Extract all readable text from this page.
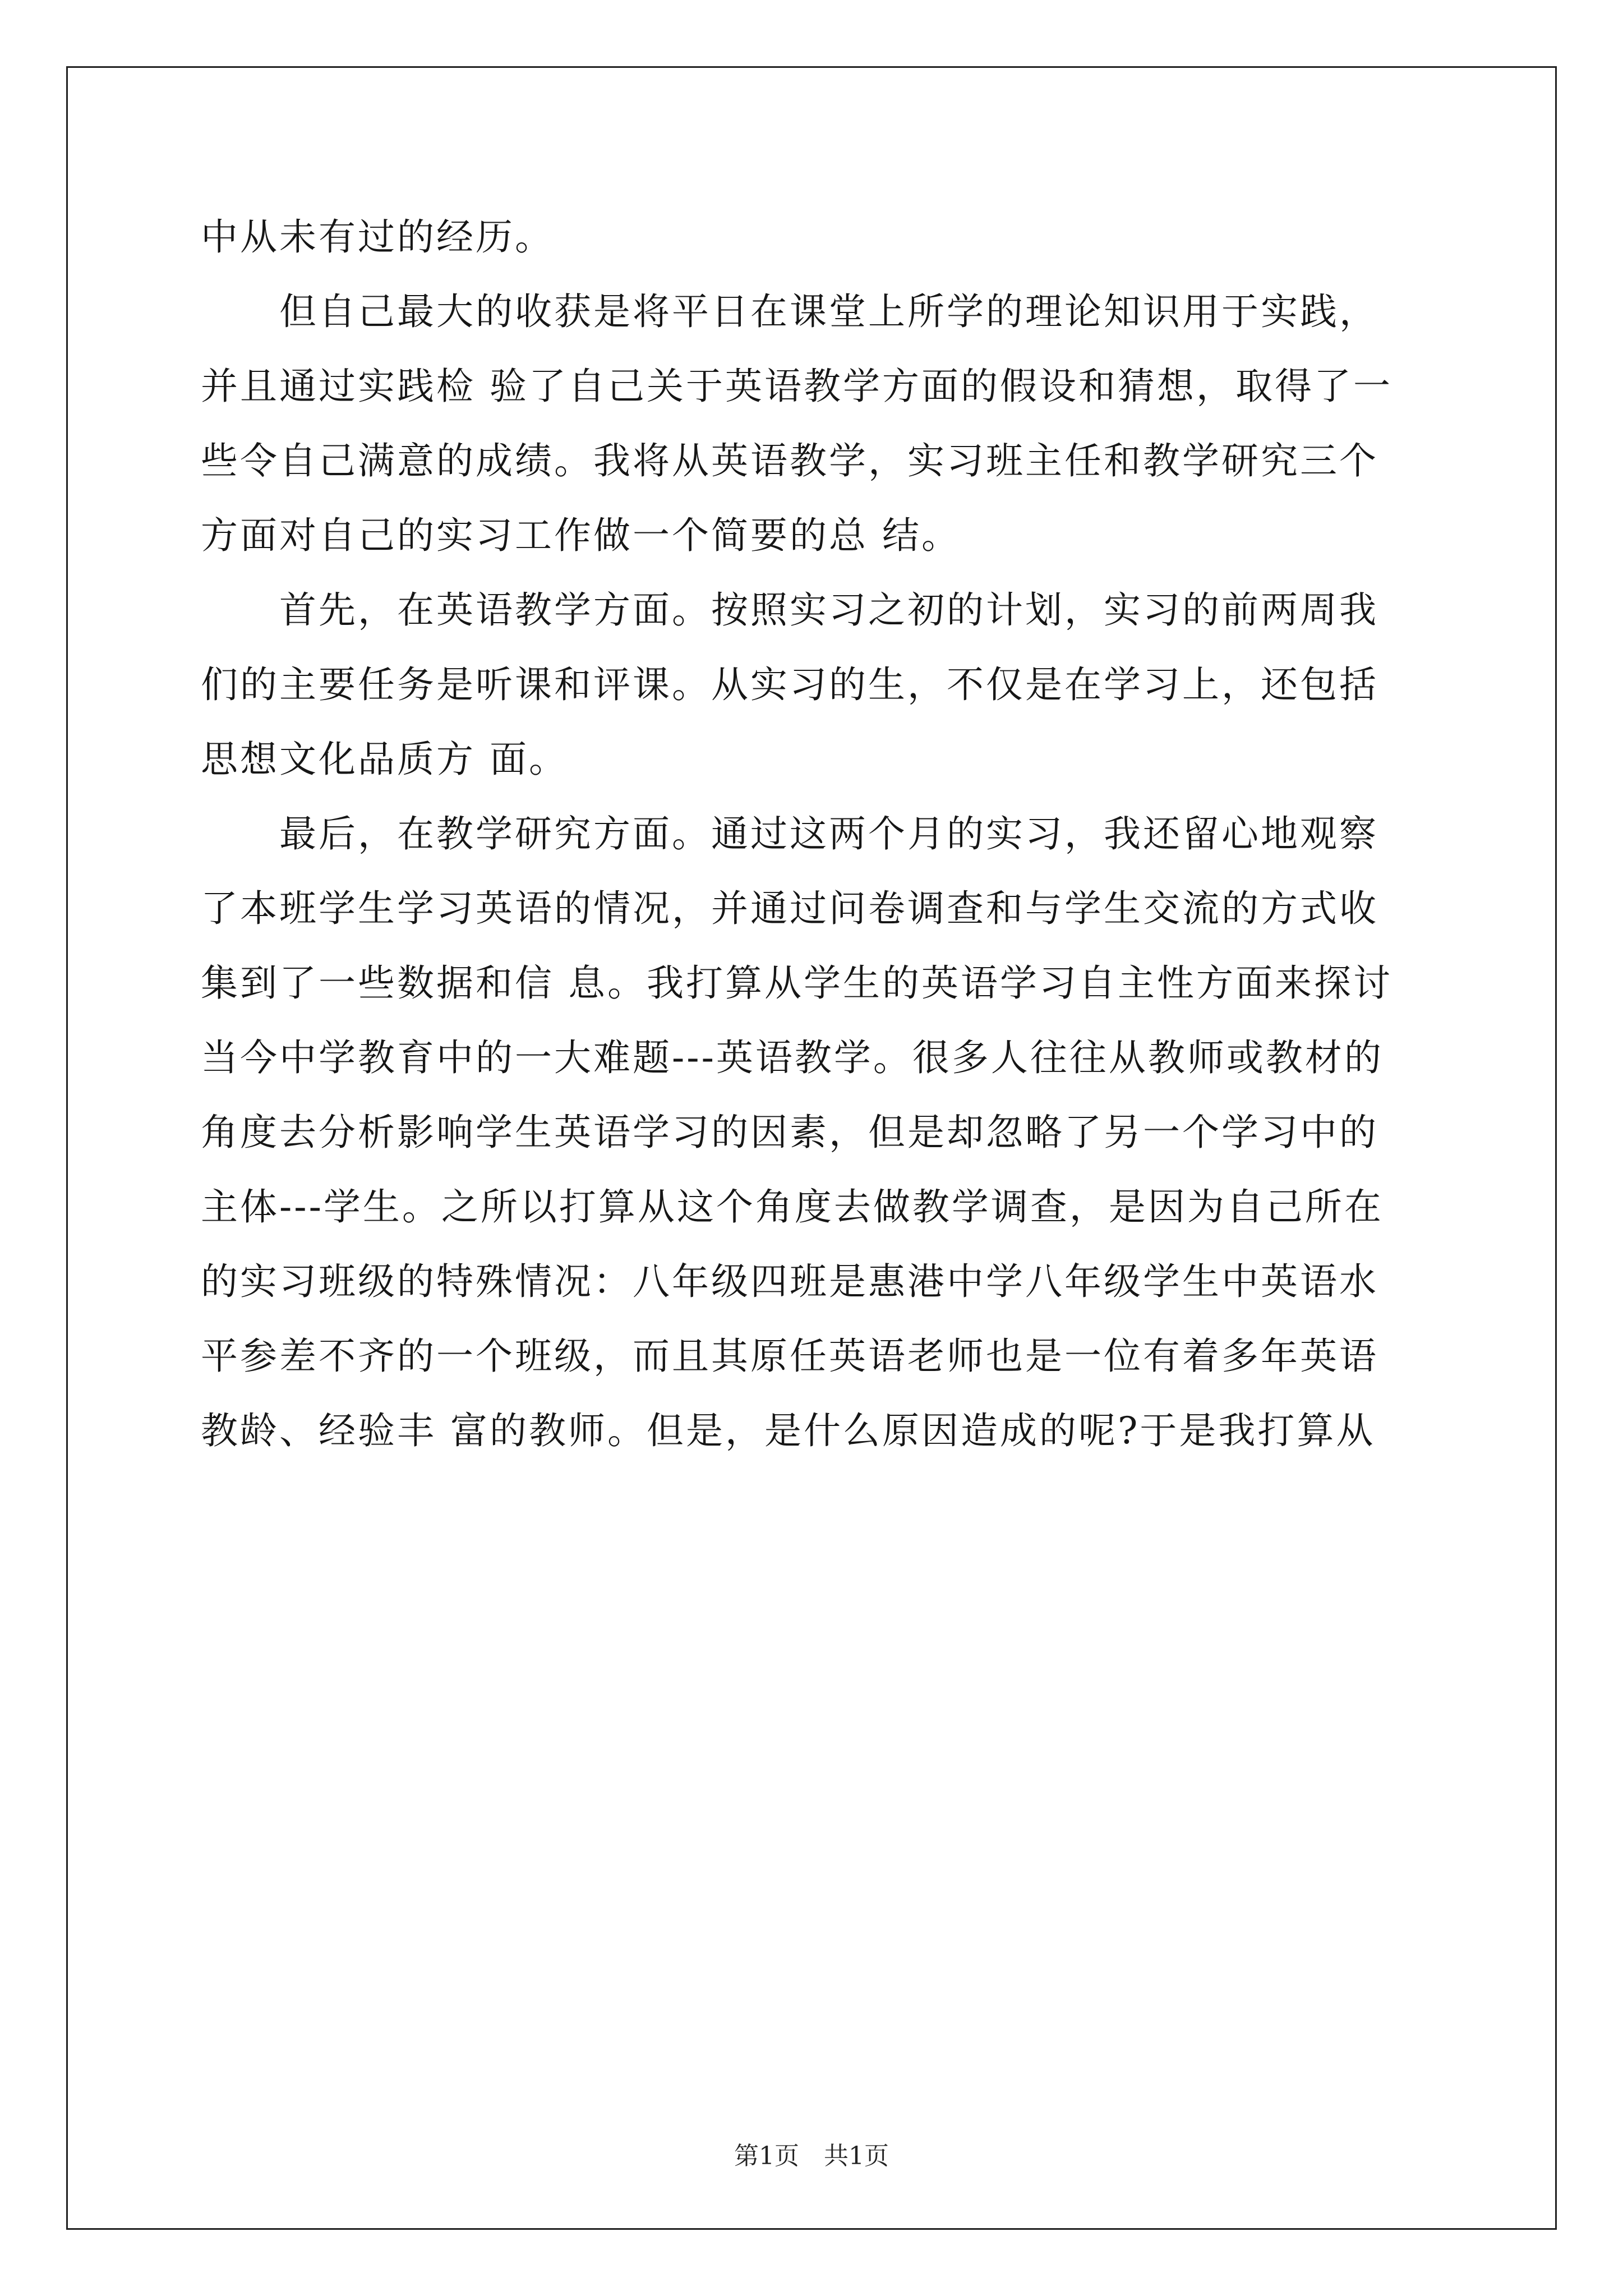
中从未有过的经历。
　　但自己最大的收获是将平日在课堂上所学的理论知识用于实践，
并且通过实践检 验了自己关于英语教学方面的假设和猜想，取得了一
些令自己满意的成绩。我将从英语教学，实习班主任和教学研究三个
方面对自己的实习工作做一个简要的总 结。
　　首先，在英语教学方面。按照实习之初的计划，实习的前两周我
们的主要任务是听课和评课。从实习的生，不仅是在学习上，还包括
思想文化品质方 面。
　　最后，在教学研究方面。通过这两个月的实习，我还留心地观察
了本班学生学习英语的情况，并通过问卷调查和与学生交流的方式收
集到了一些数据和信 息。我打算从学生的英语学习自主性方面来探讨
当今中学教育中的一大难题---英语教学。很多人往往从教师或教材的
角度去分析影响学生英语学习的因素，但是却忽略了另一个学习中的
主体---学生。之所以打算从这个角度去做教学调查，是因为自己所在
的实习班级的特殊情况：八年级四班是惠港中学八年级学生中英语水
平参差不齐的一个班级，而且其原任英语老师也是一位有着多年英语
教龄、经验丰 富的教师。但是，是什么原因造成的呢?于是我打算从
第1页　共1页
